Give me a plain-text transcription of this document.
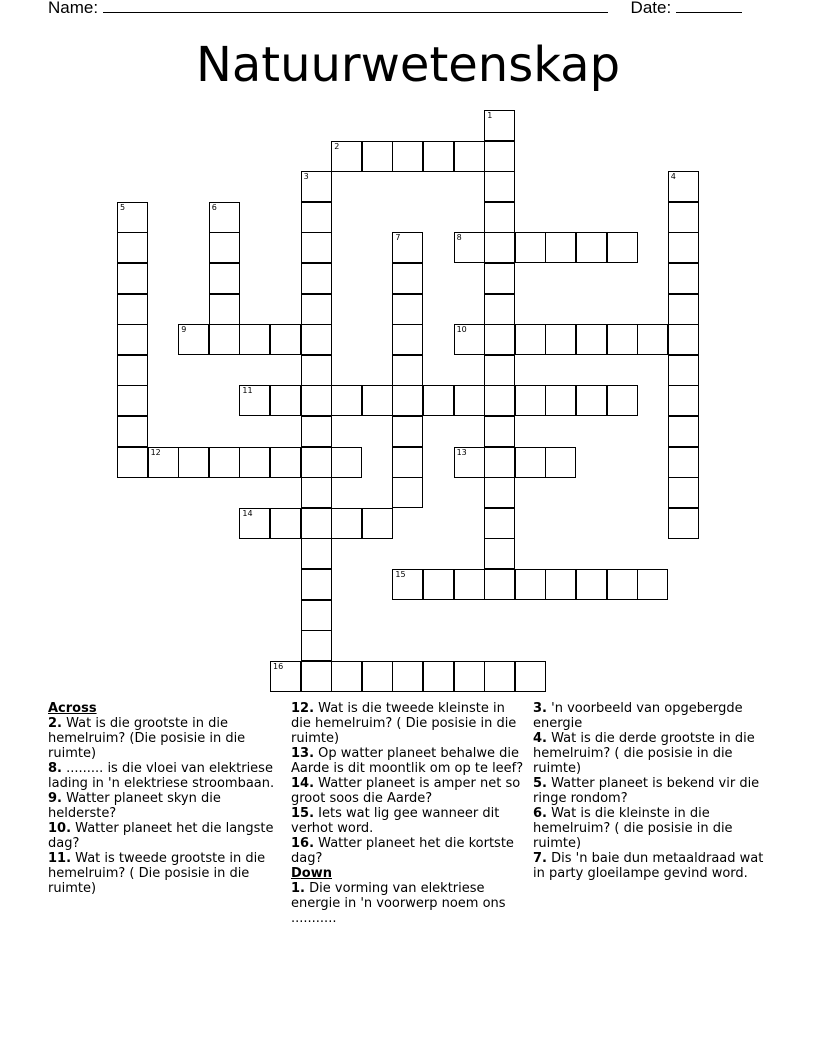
Name:	Date:
Natuurwetenskap
1
2
3	4
5	6
7	8
9	10
11
12	13
14
15
16
Across
2. Wat is die grootste in die hemelruim? (Die posisie in die ruimte)
8. ......... is die vloei van elektriese lading in 'n elektriese stroombaan.
9. Watter planeet skyn die helderste?
10. Watter planeet het die langste dag?
11. Wat is tweede grootste in die hemelruim? ( Die posisie in die ruimte)
12. Wat is die tweede kleinste in die hemelruim? ( Die posisie in die ruimte)
13. Op watter planeet behalwe die Aarde is dit moontlik om op te leef?
14. Watter planeet is amper net so groot soos die Aarde?
15. Iets wat lig gee wanneer dit verhot word.
16. Watter planeet het die kortste dag?
Down
1. Die vorming van elektriese energie in 'n voorwerp noem ons ...........
3. 'n voorbeeld van opgebergde energie
4. Wat is die derde grootste in die hemelruim? ( die posisie in die ruimte)
5. Watter planeet is bekend vir die ringe rondom?
6. Wat is die kleinste in die hemelruim? ( die posisie in die ruimte)
7. Dis 'n baie dun metaaldraad wat in party gloeilampe gevind word.
